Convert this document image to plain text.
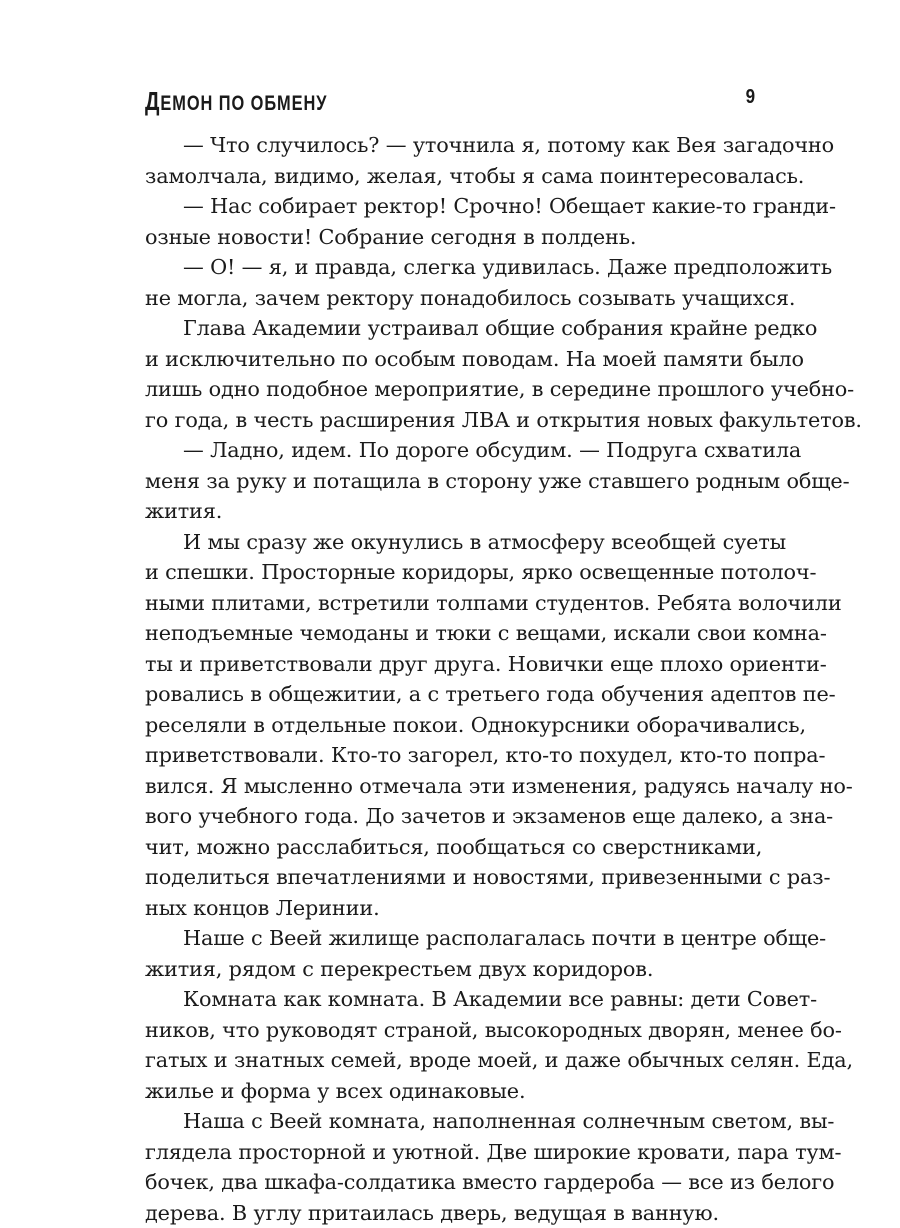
ДЕМОН ПО ОБМЕНУ	9
— Что случилось? — уточнила я, потому как Вея загадочно
замолчала, видимо, желая, чтобы я сама поинтересовалась.
— Нас собирает ректор! Срочно! Обещает какие-то гранди-
озные новости! Собрание сегодня в полдень.
— О! — я, и правда, слегка удивилась. Даже предположить
не могла, зачем ректору понадобилось созывать учащихся.
Глава Академии устраивал общие собрания крайне редко
и исключительно по особым поводам. На моей памяти было
лишь одно подобное мероприятие, в середине прошлого учебно-
го года, в честь расширения ЛВА и открытия новых факультетов.
— Ладно, идем. По дороге обсудим. — Подруга схватила
меня за руку и потащила в сторону уже ставшего родным обще-
жития.
И мы сразу же окунулись в атмосферу всеобщей суеты
и спешки. Просторные коридоры, ярко освещенные потолоч-
ными плитами, встретили толпами студентов. Ребята волочили
неподъемные чемоданы и тюки с вещами, искали свои комна-
ты и приветствовали друг друга. Новички еще плохо ориенти-
ровались в общежитии, а с третьего года обучения адептов пе-
реселяли в отдельные покои. Однокурсники оборачивались,
приветствовали. Кто-то загорел, кто-то похудел, кто-то попра-
вился. Я мысленно отмечала эти изменения, радуясь началу но-
вого учебного года. До зачетов и экзаменов еще далеко, а зна-
чит, можно расслабиться, пообщаться со сверстниками,
поделиться впечатлениями и новостями, привезенными с раз-
ных концов Леринии.
Наше с Веей жилище располагалась почти в центре обще-
жития, рядом с перекрестьем двух коридоров.
Комната как комната. В Академии все равны: дети Совет-
ников, что руководят страной, высокородных дворян, менее бо-
гатых и знатных семей, вроде моей, и даже обычных селян. Еда,
жилье и форма у всех одинаковые.
Наша с Веей комната, наполненная солнечным светом, вы-
глядела просторной и уютной. Две широкие кровати, пара тум-
бочек, два шкафа-солдатика вместо гардероба — все из белого
дерева. В углу притаилась дверь, ведущая в ванную.
